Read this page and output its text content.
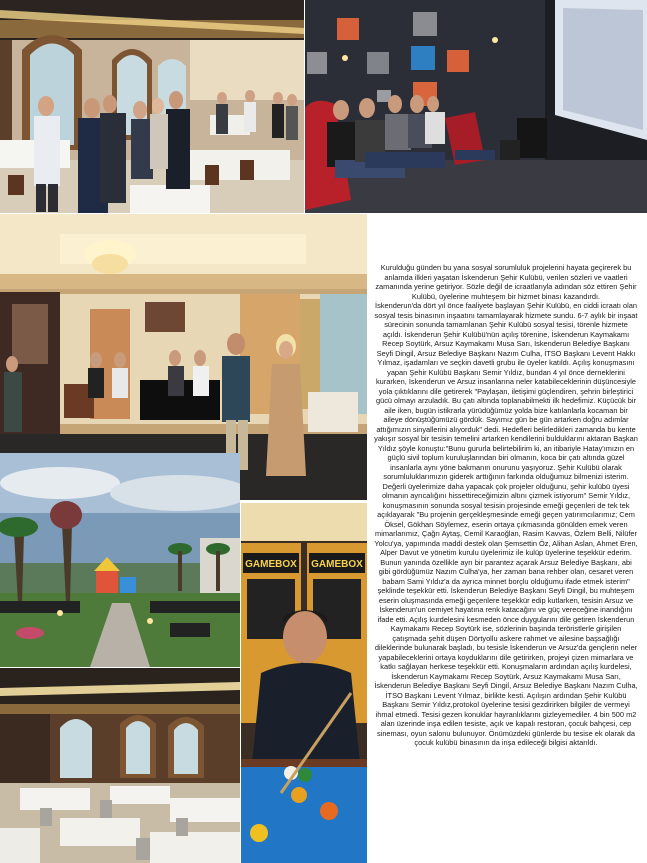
GAMEBOX GAMEBOX

Kurulduğu günden bu yana sosyal sorumluluk projelerini hayata geçirerek bu anlamda ilkleri yaşatan İskenderun Şehir Kulübü, verilen sözleri ve vaatleri zamanında yerine getiriyor. Sözle değil de icraatlarıyla adından söz ettiren Şehir Kulübü, üyelerine muhteşem bir hizmet binası kazandırdı.

İskenderun'da dört yıl önce faaliyete başlayan Şehir Kulübü, en ciddi icraatı olan sosyal tesis binasının inşaatını tamamlayarak hizmete sundu. 6-7 aylık bir inşaat sürecinin sonunda tamamlanan Şehir Kulübü sosyal tesisi, törenle hizmete açıldı. İskenderun Şehir Kulübü'nün açılış törenine, İskenderun Kaymakamı Recep Soytürk, Arsuz Kaymakamı Musa Sarı, İskenderun Belediye Başkanı Seyfi Dingil, Arsuz Belediye Başkanı Nazım Culha, İTSO Başkanı Levent Hakkı Yılmaz, işadamları ve seçkin davetli grubu ile üyeler katıldı. Açılış konuşmasını yapan Şehir Kulübü Başkanı Semir Yıldız, bundan 4 yıl önce derneklerini kurarken, İskenderun ve Arsuz insanlarına neler katabileceklerinin düşüncesiyle yola çıktıklarını dile getirerek "Paylaşan, iletişimi güçlendiren, şehrin birleştirici gücü olmayı arzuladık. Bu çatı altında toplanabilmekti ilk hedefimiz. Küçücük bir aile iken, bugün istikrarla yürüdüğümüz yolda bize katılanlarla kocaman bir aileye dönüştüğümüzü gördük. Sayımız gün be gün artarken doğru adımlar attığımızın sinyallerini alıyorduk" dedi. Hedefleri belirledikleri zamanda bu kente yakışır sosyal bir tesisin temelini artarken kendilerini bulduklarını aktaran Başkan Yıldız şöyle konuştu:"Bunu gururla belirtebilirim ki, an itibariyle Hatay'ımızın en güçlü sivil toplum kuruluşlarından biri olmanın, koca bir çatı altında güzel insanlarla aynı yöne bakmanın onurunu yaşıyoruz. Şehir Kulübü olarak sorumluluklarımızın giderek arttığının farkında olduğumuz bilmenizi isterim. Değerli üyelerimize daha yapacak çok projeler olduğunu, şehir kulübü üyesi olmanın ayrıcalığını hissettireceğimizin altını çizmek istiyorum" Semir Yıldız, konuşmasının sonunda sosyal tesisin projesinde emeği geçenleri de tek tek açıklayarak "Bu projenin gerçekleşmesinde emeği geçen yatırımcılarımız; Cem Öksel, Gökhan Söylemez, eserin ortaya çıkmasında gönülden emek veren mimarlarımız, Çağrı Aytaş, Cemil Karaoğlan, Rasim Kavvas, Özlem Belli, Nilüfer Yolcu'ya, yapımında maddi destek olan Şemsettin Öz, Alihan Aslan, Ahmet Eren, Alper Davut ve yönetim kurulu üyelerimiz ile kulüp üyelerine teşekkür ederim. Bunun yanında özellikle ayrı bir parantez açarak Arsuz Belediye Başkanı, abi gibi gördüğümüz Nazım Culha'ya, her zaman bana rehber olan, cesaret veren babam Sami Yıldız'a da ayrıca minnet borçlu olduğumu ifade etmek isterim" şeklinde teşekkür etti. İskenderun Belediye Başkanı Seyfi Dingil, bu muhteşem eserin oluşmasında emeği geçenlere teşekkür edip kutlarken, tesisin Arsuz ve İskenderun'un cemiyet hayatına renk katacağını ve güç vereceğine inandığını ifade etti. Açılış kurdelesini kesmeden önce duygularını dile getiren İskenderun Kaymakamı Recep Soytürk ise, sözlerinin başında teröristlerle girişilen çatışmada şehit düşen Dörtyollu askere rahmet ve ailesine başsağlığı dileklerinde bulunarak başladı, bu tesisle İskenderun ve Arsuz'da gençlerin neler yapabileceklerini ortaya koyduklarını dile getirirken, projeyi çizen mimarlara ve katkı sağlayan herkese teşekkür etti. Konuşmaların ardından açılış kurdelesi, İskenderun Kaymakamı Recep Soytürk, Arsuz Kaymakamı Musa Sarı, İskenderun Belediye Başkanı Seyfi Dingil, Arsuz Belediye Başkanı Nazım Culha, İTSO Başkanı Levent Yılmaz, birlikte kesti. Açılışın ardından Şehir Kulübü Başkanı Semir Yıldız,protokol üyelerine tesisi gezdirirken bilgiler de vermeyi ihmal etmedi. Tesisi gezen konuklar hayranlıklarını gizleyemediler. 4 bin 500 m2 alan üzerinde inşa edilen tesiste, açık ve kapalı restoran, çocuk bahçesi, cep sineması, oyun salonu bulunuyor. Önümüzdeki günlerde bu tesise ek olarak da çocuk kulübü binasının da inşa edileceği bilgisi aktarıldı.
